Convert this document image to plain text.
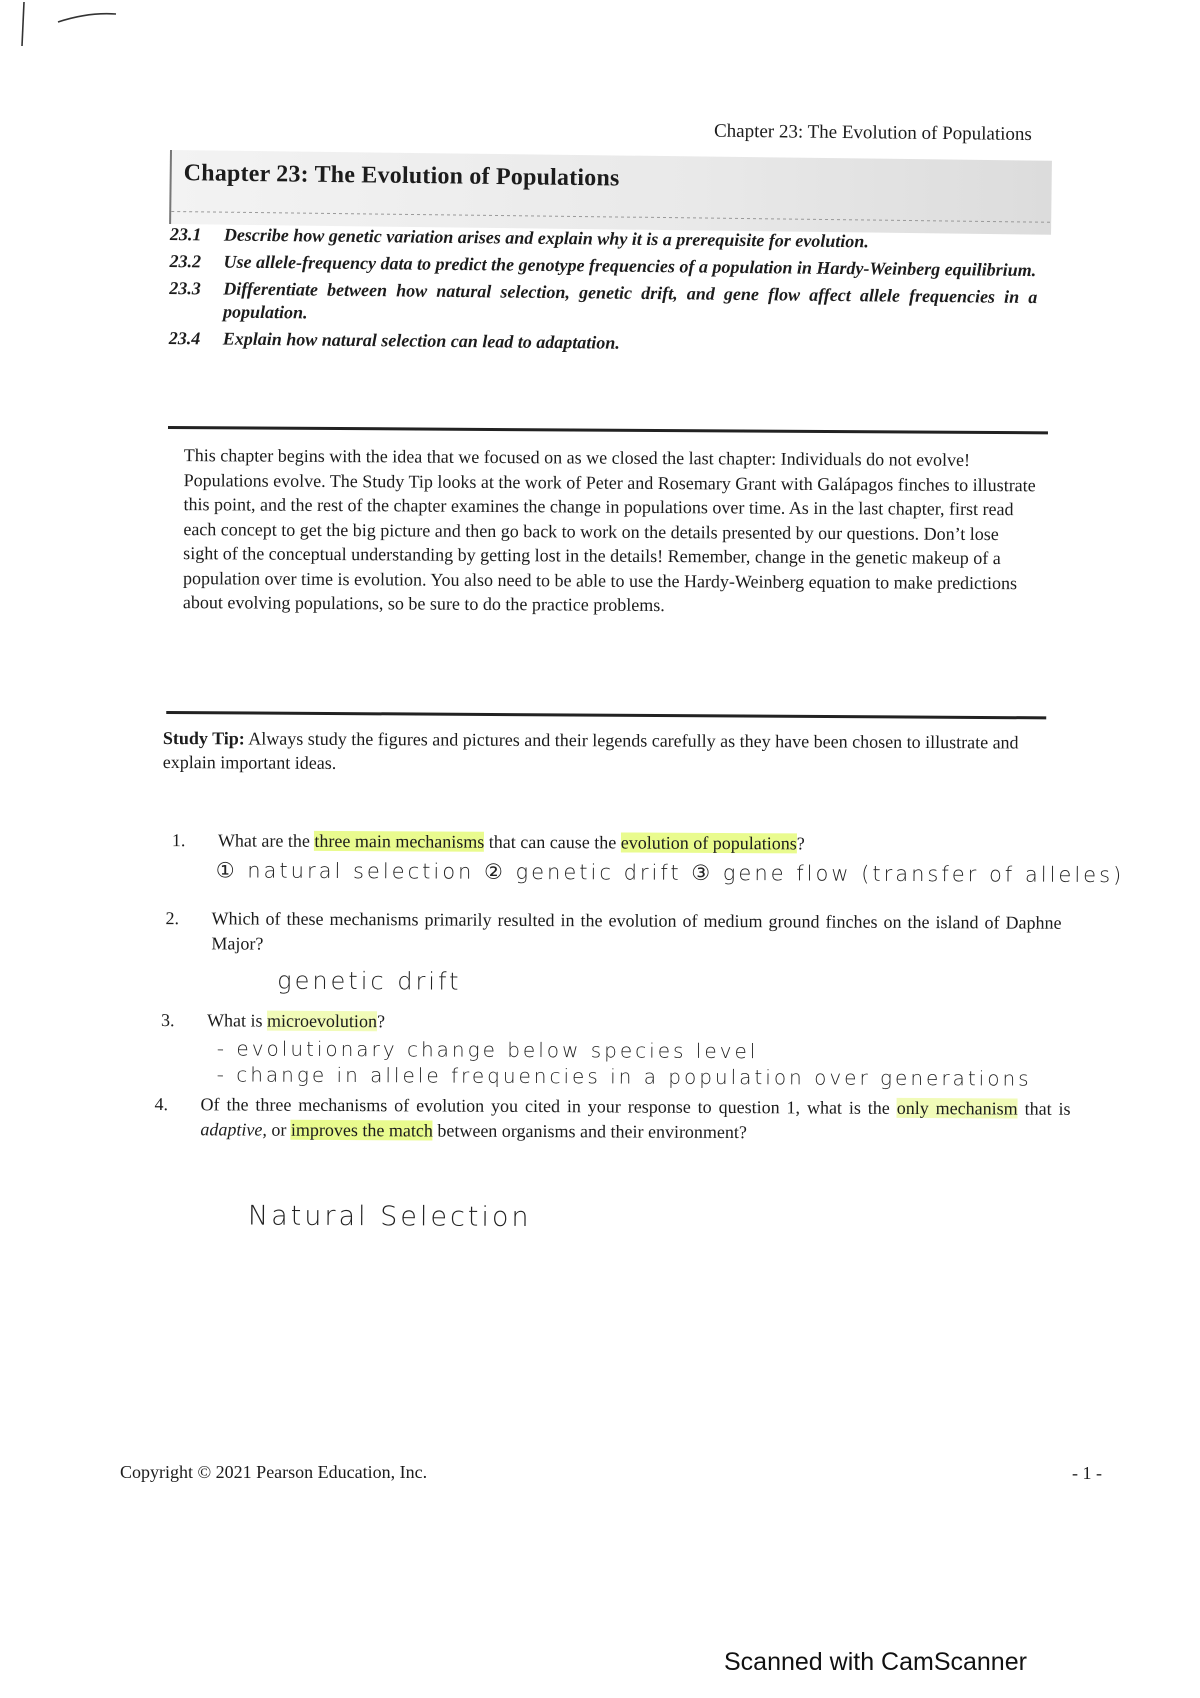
Chapter 23: The Evolution of Populations
Chapter 23: The Evolution of Populations
23.1	Describe how genetic variation arises and explain why it is a prerequisite for evolution.
23.2	Use allele-frequency data to predict the genotype frequencies of a population in Hardy-Weinberg equilibrium.
23.3	Differentiate between how natural selection, genetic drift, and gene flow affect allele frequencies in a population.
23.4	Explain how natural selection can lead to adaptation.
This chapter begins with the idea that we focused on as we closed the last chapter: Individuals do not evolve! Populations evolve. The Study Tip looks at the work of Peter and Rosemary Grant with Galápagos finches to illustrate this point, and the rest of the chapter examines the change in populations over time. As in the last chapter, first read each concept to get the big picture and then go back to work on the details presented by our questions. Don’t lose sight of the conceptual understanding by getting lost in the details! Remember, change in the genetic makeup of a population over time is evolution. You also need to be able to use the Hardy-Weinberg equation to make predictions about evolving populations, so be sure to do the practice problems.
Study Tip: Always study the figures and pictures and their legends carefully as they have been chosen to illustrate and explain important ideas.
1. What are the three main mechanisms that can cause the evolution of populations?
① natural selection ② genetic drift ③ gene flow (transfer of alleles)
2. Which of these mechanisms primarily resulted in the evolution of medium ground finches on the island of Daphne Major?
genetic drift
3. What is microevolution?
- evolutionary change below species level
- change in allele frequencies in a population over generations
4. Of the three mechanisms of evolution you cited in your response to question 1, what is the only mechanism that is adaptive, or improves the match between organisms and their environment?
Natural Selection
Copyright © 2021 Pearson Education, Inc.	- 1 -
Scanned with CamScanner
